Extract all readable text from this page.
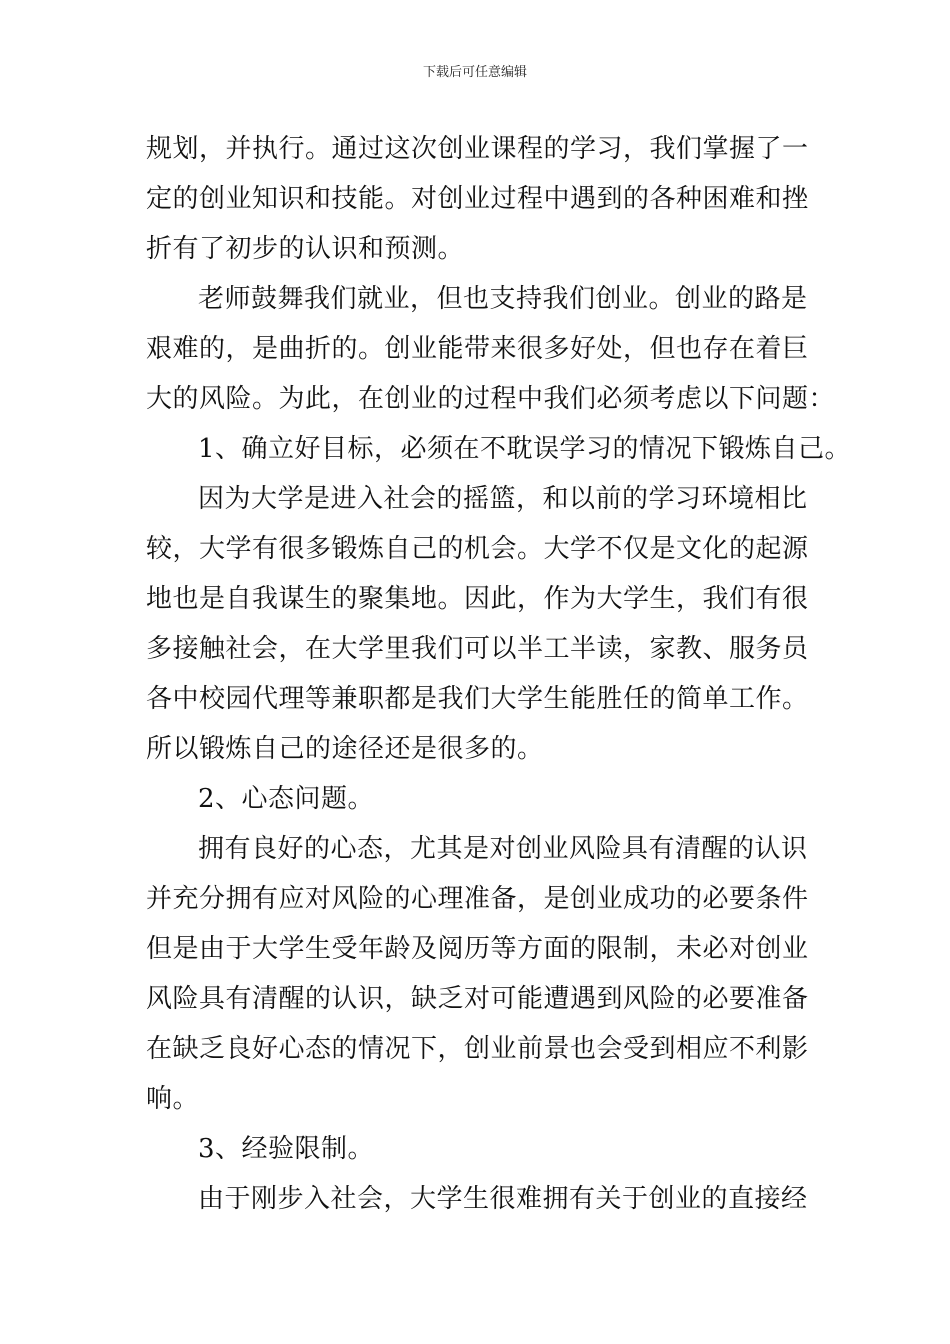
下载后可任意编辑
规划，并执行。通过这次创业课程的学习，我们掌握了一
定的创业知识和技能。对创业过程中遇到的各种困难和挫
折有了初步的认识和预测。
老师鼓舞我们就业，但也支持我们创业。创业的路是
艰难的，是曲折的。创业能带来很多好处，但也存在着巨
大的风险。为此，在创业的过程中我们必须考虑以下问题：
1、确立好目标，必须在不耽误学习的情况下锻炼自己。
因为大学是进入社会的摇篮，和以前的学习环境相比
较，大学有很多锻炼自己的机会。大学不仅是文化的起源
地也是自我谋生的聚集地。因此，作为大学生，我们有很
多接触社会，在大学里我们可以半工半读，家教、服务员
各中校园代理等兼职都是我们大学生能胜任的简单工作。
所以锻炼自己的途径还是很多的。
2、心态问题。
拥有良好的心态，尤其是对创业风险具有清醒的认识
并充分拥有应对风险的心理准备，是创业成功的必要条件
但是由于大学生受年龄及阅历等方面的限制，未必对创业
风险具有清醒的认识，缺乏对可能遭遇到风险的必要准备
在缺乏良好心态的情况下，创业前景也会受到相应不利影
响。
3、经验限制。
由于刚步入社会，大学生很难拥有关于创业的直接经
